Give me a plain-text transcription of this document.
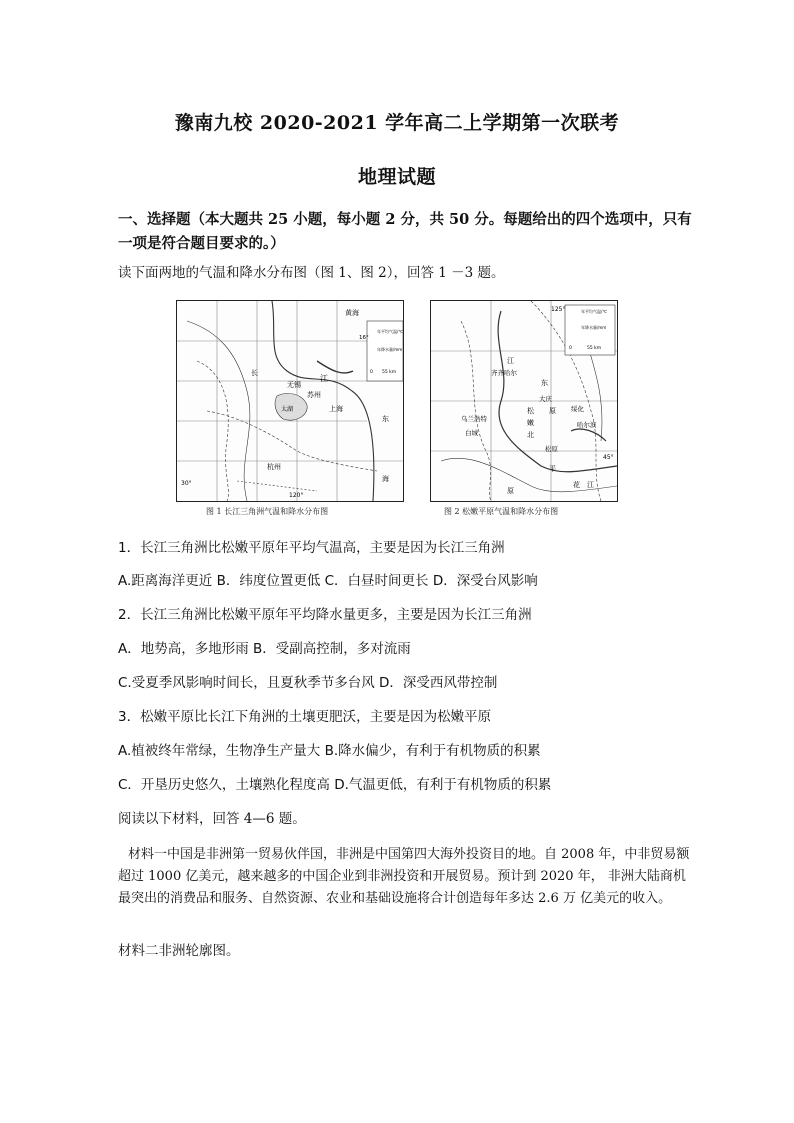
豫南九校 2020-2021 学年高二上学期第一次联考
地理试题
一、选择题（本大题共 25 小题，每小题 2 分，共 50 分。每题给出的四个选项中，只有
一项是符合题目要求的。）
读下面两地的气温和降水分布图（图 1、图 2），回答 1 －3 题。
黄海
江
无锡
苏州
太湖	上海
杭州
东
海
30°
120°
长
16°
年平均气温/℃
年降水量/mm
0 55 km
125°
江
齐齐哈尔
东
大庆
原
松
嫩
北
乌兰浩特
白城
绥化
哈尔滨
松原
45°
平
原
花 江
年平均气温/℃
年降水量/mm
0	55 km
图 1 长江三角洲气温和降水分布图	图 2 松嫩平原气温和降水分布图
1．长江三角洲比松嫩平原年平均气温高，主要是因为长江三角洲
A.距离海洋更近 B．纬度位置更低 C．白昼时间更长 D．深受台风影响
2．长江三角洲比松嫩平原年平均降水量更多，主要是因为长江三角洲
A．地势高，多地形雨 B．受副高控制，多对流雨
C.受夏季风影响时间长，且夏秋季节多台风 D．深受西风带控制
3．松嫩平原比长江下角洲的土壤更肥沃，主要是因为松嫩平原
A.植被终年常绿，生物净生产量大 B.降水偏少，有利于有机物质的积累
C．开垦历史悠久，土壤熟化程度高 D.气温更低，有利于有机物质的积累
阅读以下材料，回答 4—6 题。
材料一中国是非洲第一贸易伙伴国，非洲是中国第四大海外投资目的地。自 2008 年，中非贸易额超过 1000 亿美元，越来越多的中国企业到非洲投资和开展贸易。预计到 2020 年， 非洲大陆商机最突出的消费品和服务、自然资源、农业和基础设施将合计创造每年多达 2.6 万 亿美元的收入。
材料二非洲轮廓图。
